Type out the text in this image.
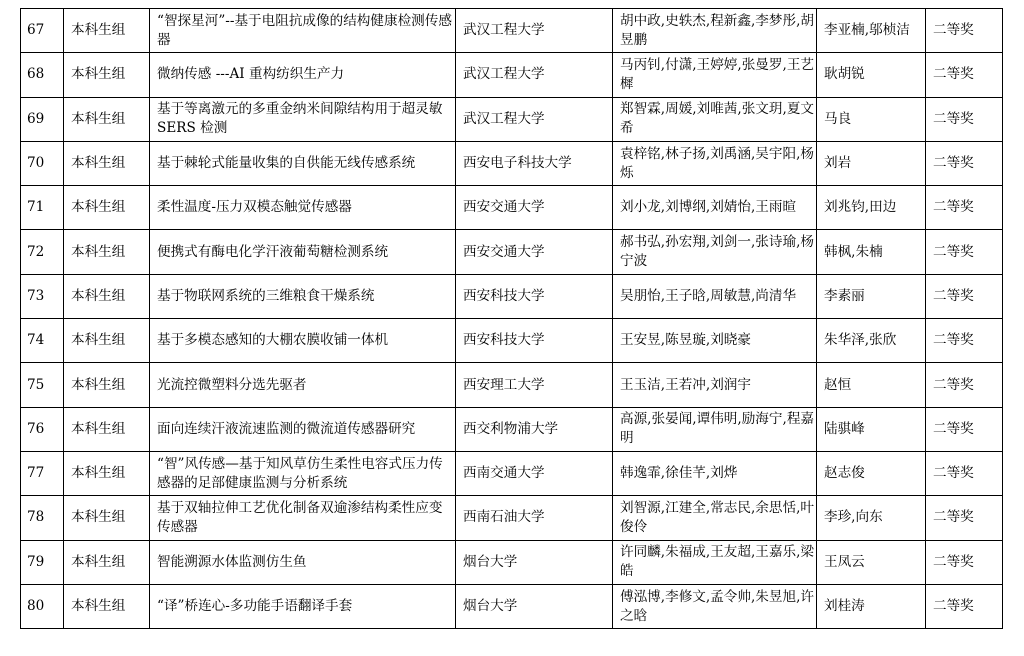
67	本科生组	“智探星河”--基于电阻抗成像的结构健康检测传感器	武汉工程大学	胡中政,史轶杰,程新鑫,李梦彤,胡昱鹏	李亚楠,邬桢洁	二等奖
68	本科生组	微纳传感 ---AI 重构纺织生产力	武汉工程大学	马丙钊,付潇,王婷婷,张曼罗,王艺樨	耿胡锐	二等奖
69	本科生组	基于等离激元的多重金纳米间隙结构用于超灵敏 SERS 检测	武汉工程大学	郑智霖,周媛,刘唯茜,张文玥,夏文希	马良	二等奖
70	本科生组	基于棘轮式能量收集的自供能无线传感系统	西安电子科技大学	袁梓铭,林子扬,刘禹涵,吴宇阳,杨烁	刘岩	二等奖
71	本科生组	柔性温度-压力双模态触觉传感器	西安交通大学	刘小龙,刘博纲,刘婧怡,王雨暄	刘兆钧,田边	二等奖
72	本科生组	便携式有酶电化学汗液葡萄糖检测系统	西安交通大学	郝书弘,孙宏翔,刘剑一,张诗瑜,杨宁波	韩枫,朱楠	二等奖
73	本科生组	基于物联网系统的三维粮食干燥系统	西安科技大学	吴朋怡,王子晗,周敏慧,尚清华	李素丽	二等奖
74	本科生组	基于多模态感知的大棚农膜收铺一体机	西安科技大学	王安昱,陈昱璇,刘晓豪	朱华泽,张欣	二等奖
75	本科生组	光流控微塑料分选先驱者	西安理工大学	王玉洁,王若冲,刘润宇	赵恒	二等奖
76	本科生组	面向连续汗液流速监测的微流道传感器研究	西交利物浦大学	高源,张晏闻,谭伟明,励海宁,程嘉明	陆骐峰	二等奖
77	本科生组	“智”风传感—基于知风草仿生柔性电容式压力传感器的足部健康监测与分析系统	西南交通大学	韩逸霏,徐佳芊,刘烨	赵志俊	二等奖
78	本科生组	基于双轴拉伸工艺优化制备双逾渗结构柔性应变传感器	西南石油大学	刘智源,江建全,常志民,余思恬,叶俊伶	李珍,向东	二等奖
79	本科生组	智能溯源水体监测仿生鱼	烟台大学	许同麟,朱福成,王友超,王嘉乐,梁皓	王凤云	二等奖
80	本科生组	“译”桥连心-多功能手语翻译手套	烟台大学	傅泓博,李修文,孟令帅,朱昱旭,许之晗	刘桂涛	二等奖
